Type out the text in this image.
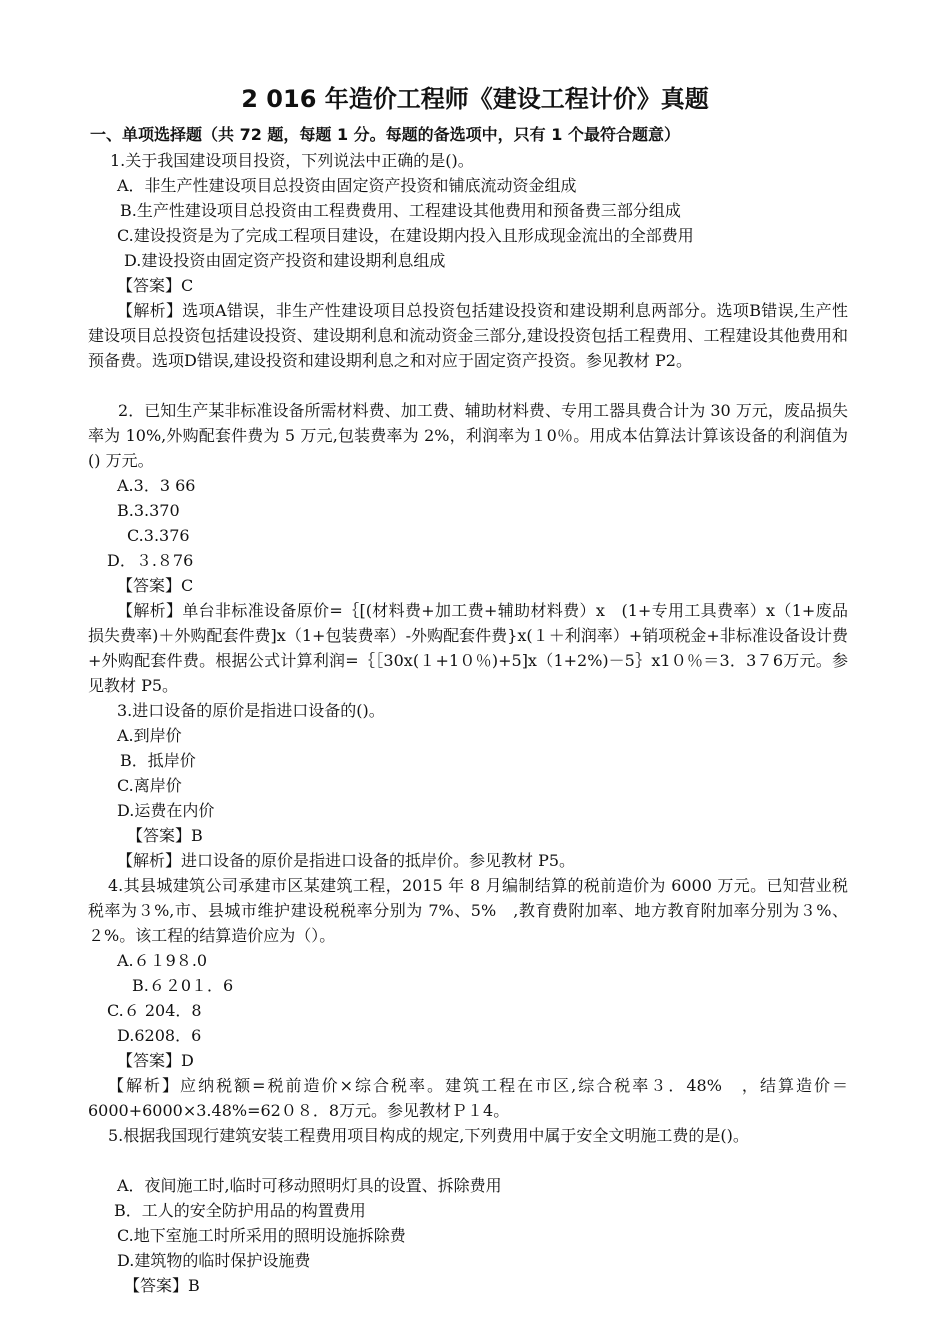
2 016 年造价工程师《建设工程计价》真题
一、单项选择题（共 72 题，每题 1 分。每题的备选项中，只有 1 个最符合题意）
1.关于我国建设项目投资，下列说法中正确的是()。
A．非生产性建设项目总投资由固定资产投资和铺底流动资金组成
B.生产性建设项目总投资由工程费费用、工程建设其他费用和预备费三部分组成
C.建设投资是为了完成工程项目建设，在建设期内投入且形成现金流出的全部费用
D.建设投资由固定资产投资和建设期利息组成
【答案】C
【解析】选项A错误，非生产性建设项目总投资包括建设投资和建设期利息两部分。选项B错误,生产性建设项目总投资包括建设投资、建设期利息和流动资金三部分,建设投资包括工程费用、工程建设其他费用和预备费。选项D错误,建设投资和建设期利息之和对应于固定资产投资。参见教材 P2。
2．已知生产某非标准设备所需材料费、加工费、辅助材料费、专用工器具费合计为 30 万元，废品损失率为 10%,外购配套件费为 5 万元,包装费率为 2%，利润率为１0％。用成本估算法计算该设备的利润值为() 万元。
A.3．3 66
B.3.370
C.3.376
D．３.８76
【答案】C
【解析】单台非标准设备原价=｛[(材料费+加工费+辅助材料费）x　(1+专用工具费率）x（1+废品损失费率)＋外购配套件费]x（1+包装费率）-外购配套件费}x(１＋利润率）+销项税金+非标准设备设计费+外购配套件费。根据公式计算利润=｛［30x(１+1０％)+5]x（1+2%)－5｝x1０％＝3．3７6万元。参见教材 P5。
3.进口设备的原价是指进口设备的()。
A.到岸价
B．抵岸价
C.离岸价
D.运费在内价
【答案】B
【解析】进口设备的原价是指进口设备的抵岸价。参见教材 P5。
4.其县城建筑公司承建市区某建筑工程，2015 年 8 月编制结算的税前造价为 6000 万元。已知营业税税率为３%,市、县城市维护建设税税率分别为 7%、5%　,教育费附加率、地方教育附加率分别为３%、２%。该工程的结算造价应为（）。
A.６１9８.0
B.６２0１．6
C.６ 204．8
D.6208．6
【答案】D
【解析】应纳税额=税前造价×综合税率。建筑工程在市区,综合税率３．48%　，结算造价＝6000+6000×3.48%=62０８．8万元。参见教材Ｐ１4。
5.根据我国现行建筑安装工程费用项目构成的规定,下列费用中属于安全文明施工费的是()。
A．夜间施工时,临时可移动照明灯具的设置、拆除费用
B．工人的安全防护用品的构置费用
C.地下室施工时所采用的照明设施拆除费
D.建筑物的临时保护设施费
【答案】B
